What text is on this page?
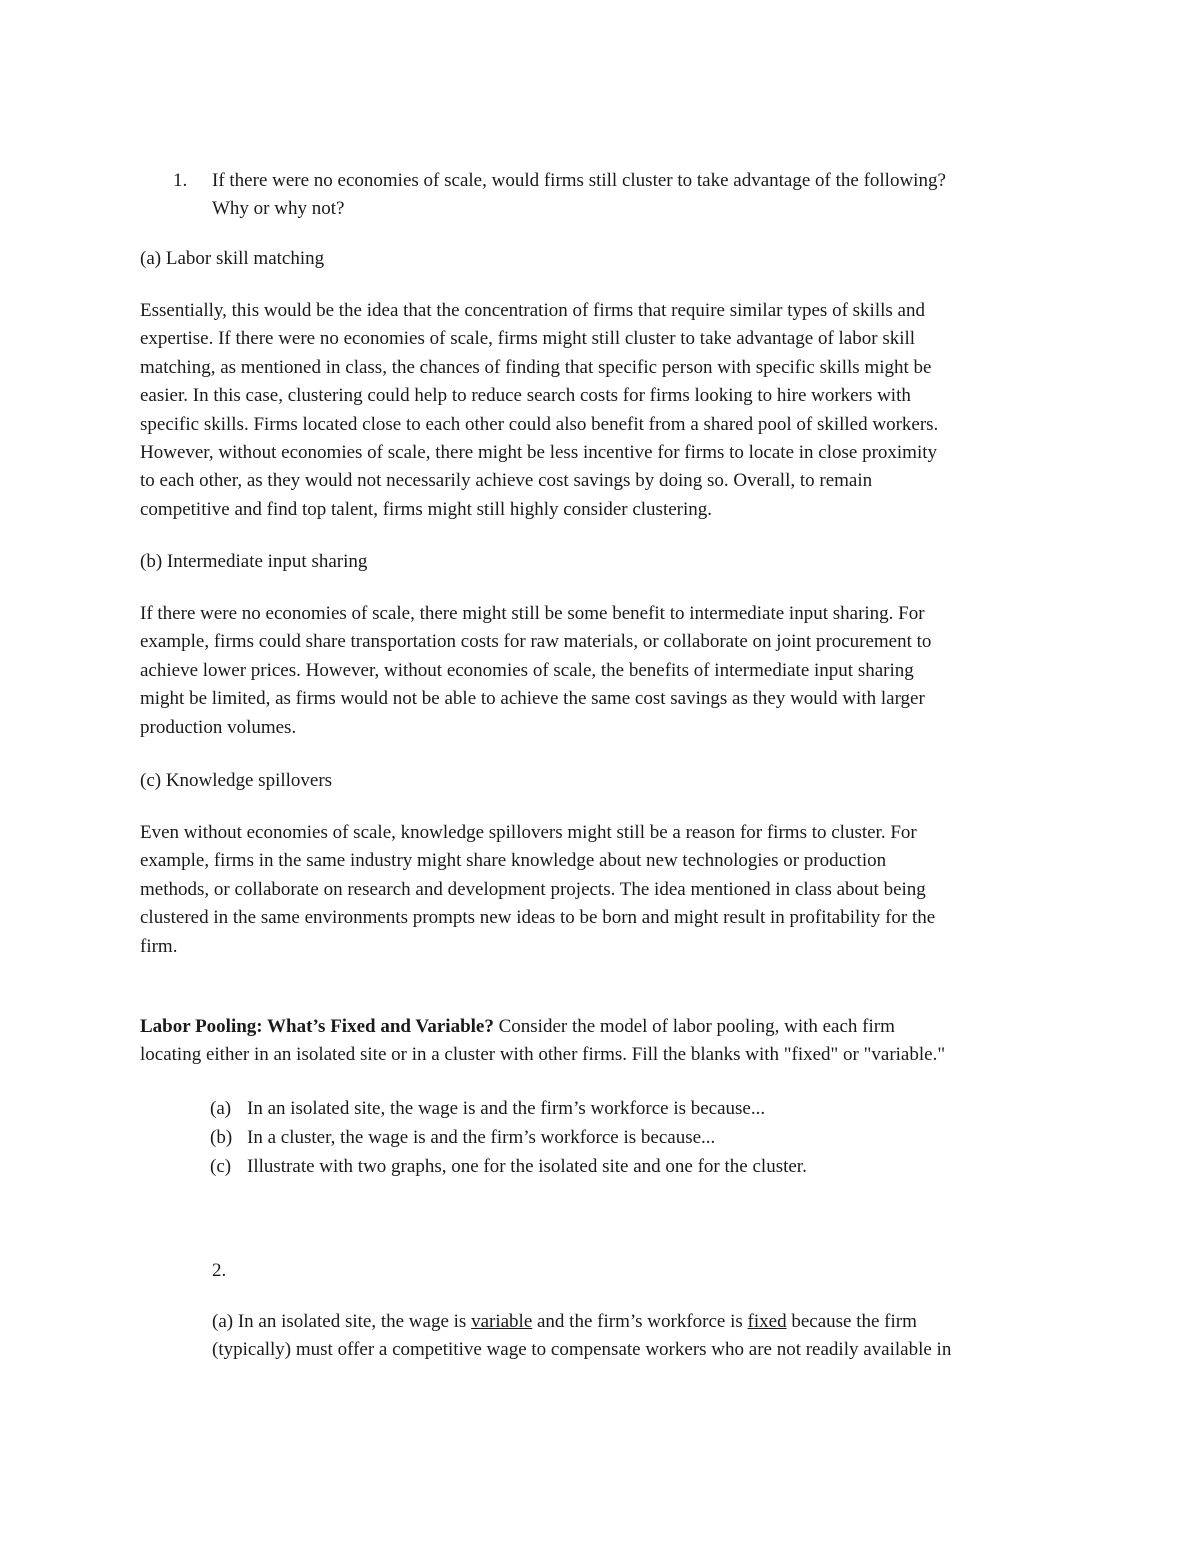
1. If there were no economies of scale, would firms still cluster to take advantage of the following?
Why or why not?

(a) Labor skill matching

Essentially, this would be the idea that the concentration of firms that require similar types of skills and
expertise. If there were no economies of scale, firms might still cluster to take advantage of labor skill
matching, as mentioned in class, the chances of finding that specific person with specific skills might be
easier. In this case, clustering could help to reduce search costs for firms looking to hire workers with
specific skills. Firms located close to each other could also benefit from a shared pool of skilled workers.
However, without economies of scale, there might be less incentive for firms to locate in close proximity
to each other, as they would not necessarily achieve cost savings by doing so. Overall, to remain
competitive and find top talent, firms might still highly consider clustering.

(b) Intermediate input sharing

If there were no economies of scale, there might still be some benefit to intermediate input sharing. For
example, firms could share transportation costs for raw materials, or collaborate on joint procurement to
achieve lower prices. However, without economies of scale, the benefits of intermediate input sharing
might be limited, as firms would not be able to achieve the same cost savings as they would with larger
production volumes.

(c) Knowledge spillovers

Even without economies of scale, knowledge spillovers might still be a reason for firms to cluster. For
example, firms in the same industry might share knowledge about new technologies or production
methods, or collaborate on research and development projects. The idea mentioned in class about being
clustered in the same environments prompts new ideas to be born and might result in profitability for the
firm.
Labor Pooling: What’s Fixed and Variable? Consider the model of labor pooling, with each firm
locating either in an isolated site or in a cluster with other firms. Fill the blanks with "fixed" or "variable."
(a) In an isolated site, the wage is and the firm’s workforce is because...
(b) In a cluster, the wage is and the firm’s workforce is because...
(c) Illustrate with two graphs, one for the isolated site and one for the cluster.

2.

(a) In an isolated site, the wage is variable and the firm’s workforce is fixed because the firm
(typically) must offer a competitive wage to compensate workers who are not readily available in
